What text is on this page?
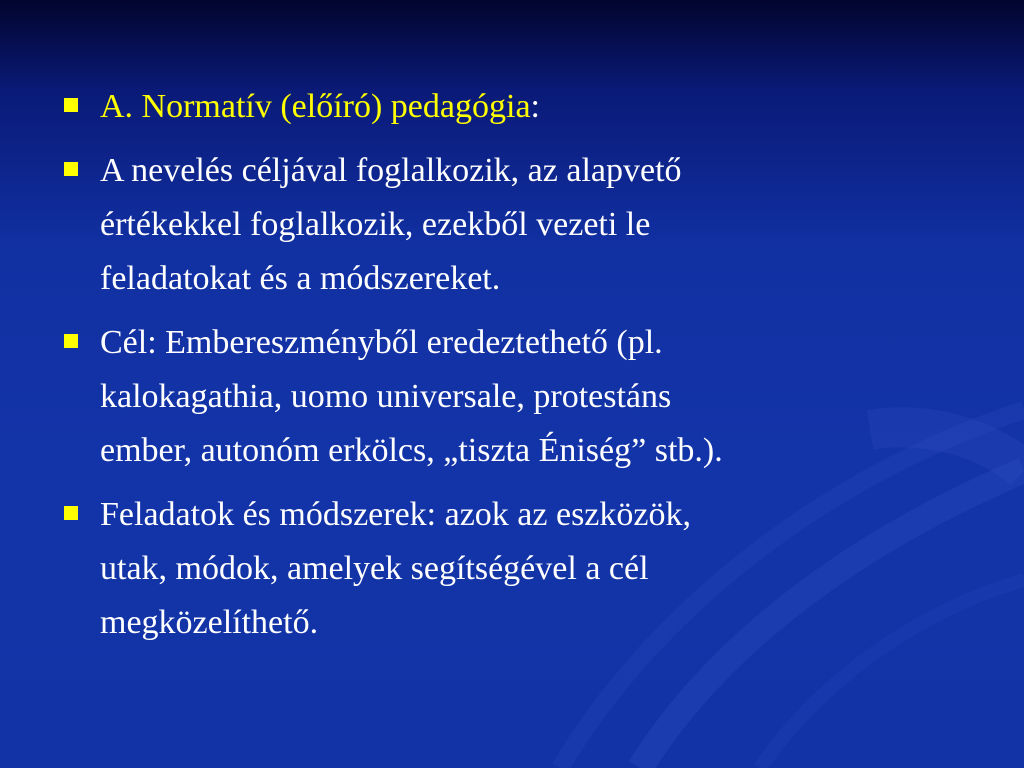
A. Normatív (előíró) pedagógia:
A nevelés céljával foglalkozik, az alapvető
értékekkel foglalkozik, ezekből vezeti le
feladatokat és a módszereket.
Cél: Embereszményből eredeztethető (pl.
kalokagathia, uomo universale, protestáns
ember, autonóm erkölcs, „tiszta Éniség” stb.).
Feladatok és módszerek: azok az eszközök,
utak, módok, amelyek segítségével a cél
megközelíthető.
